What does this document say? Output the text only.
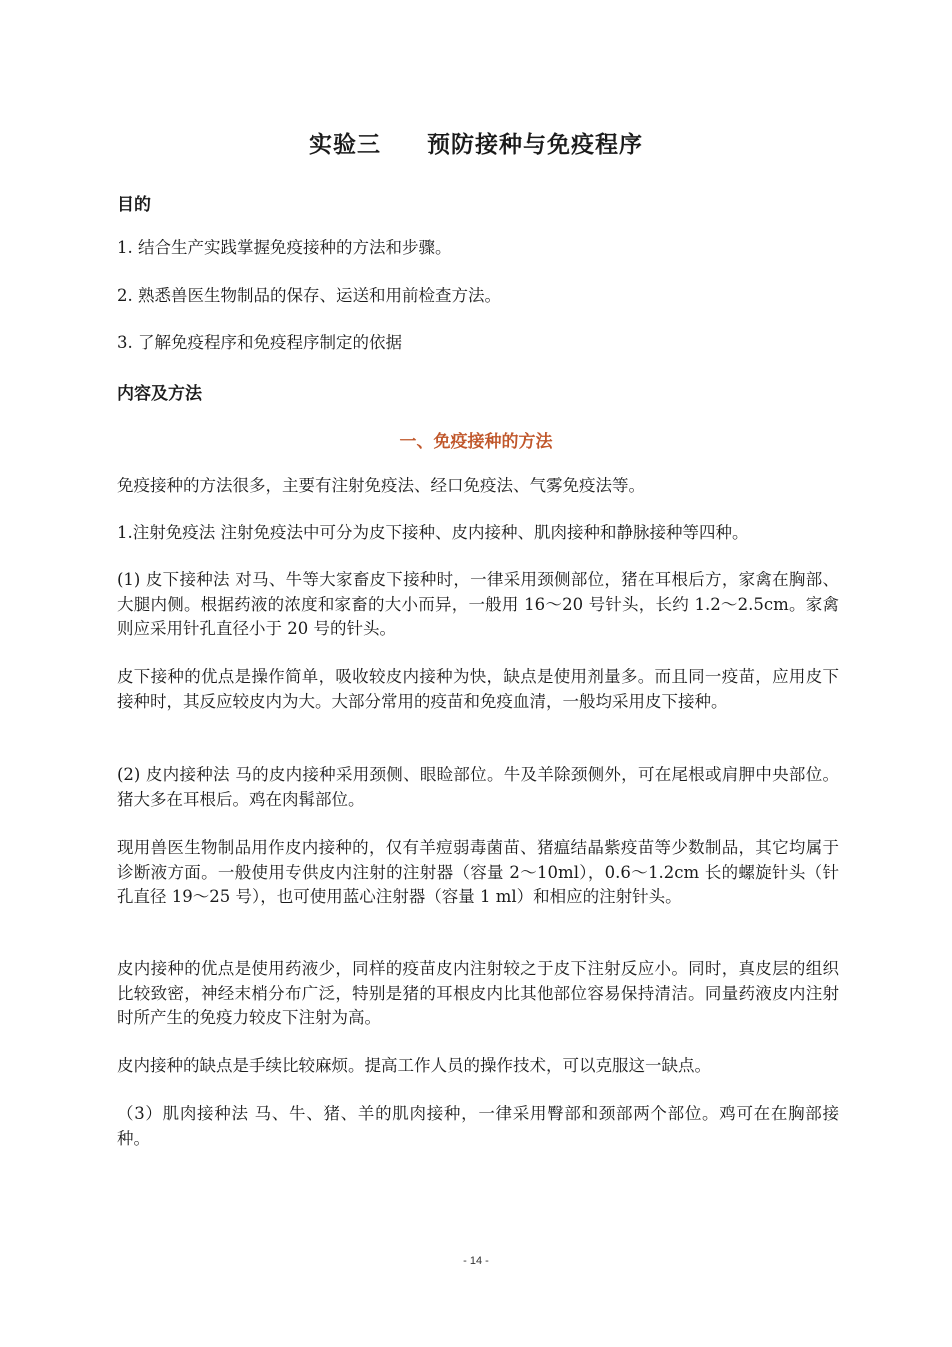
实验三 预防接种与免疫程序
目的
1. 结合生产实践掌握免疫接种的方法和步骤。
2. 熟悉兽医生物制品的保存、运送和用前检查方法。
3. 了解免疫程序和免疫程序制定的依据
内容及方法
一、免疫接种的方法
免疫接种的方法很多，主要有注射免疫法、经口免疫法、气雾免疫法等。
1.注射免疫法 注射免疫法中可分为皮下接种、皮内接种、肌肉接种和静脉接种等四种。
(1) 皮下接种法 对马、牛等大家畜皮下接种时，一律采用颈侧部位，猪在耳根后方，家禽在胸部、大腿内侧。根据药液的浓度和家畜的大小而异，一般用 16～20 号针头，长约 1.2～2.5cm。家禽则应采用针孔直径小于 20 号的针头。
皮下接种的优点是操作简单，吸收较皮内接种为快，缺点是使用剂量多。而且同一疫苗，应用皮下接种时，其反应较皮内为大。大部分常用的疫苗和免疫血清，一般均采用皮下接种。
(2) 皮内接种法 马的皮内接种采用颈侧、眼睑部位。牛及羊除颈侧外，可在尾根或肩胛中央部位。猪大多在耳根后。鸡在肉髯部位。
现用兽医生物制品用作皮内接种的，仅有羊痘弱毒菌苗、猪瘟结晶紫疫苗等少数制品，其它均属于诊断液方面。一般使用专供皮内注射的注射器（容量 2～10ml），0.6～1.2cm 长的螺旋针头（针孔直径 19～25 号），也可使用蓝心注射器（容量 1 ml）和相应的注射针头。
皮内接种的优点是使用药液少，同样的疫苗皮内注射较之于皮下注射反应小。同时，真皮层的组织比较致密，神经末梢分布广泛，特别是猪的耳根皮内比其他部位容易保持清洁。同量药液皮内注射时所产生的免疫力较皮下注射为高。
皮内接种的缺点是手续比较麻烦。提高工作人员的操作技术，可以克服这一缺点。
（3）肌肉接种法 马、牛、猪、羊的肌肉接种，一律采用臀部和颈部两个部位。鸡可在在胸部接种。
- 14 -
